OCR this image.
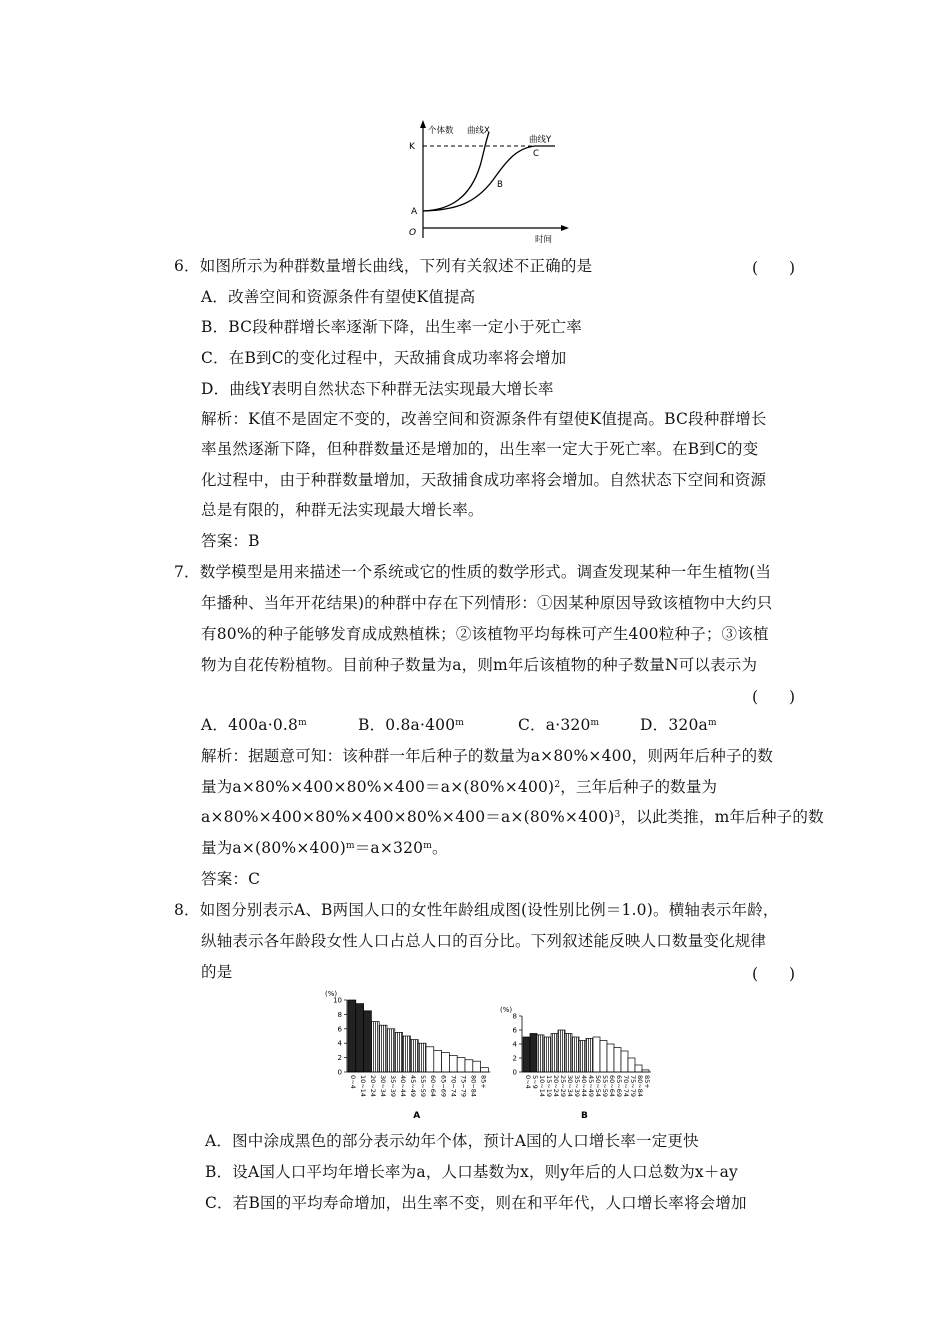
个体数 曲线X
曲线Y
C
B
K
A
O
时间
6．如图所示为种群数量增长曲线，下列有关叙述不正确的是	(　　)
A．改善空间和资源条件有望使K值提高
B．BC段种群增长率逐渐下降，出生率一定小于死亡率
C．在B到C的变化过程中，天敌捕食成功率将会增加
D．曲线Y表明自然状态下种群无法实现最大增长率
解析：K值不是固定不变的，改善空间和资源条件有望使K值提高。BC段种群增长
率虽然逐渐下降，但种群数量还是增加的，出生率一定大于死亡率。在B到C的变
化过程中，由于种群数量增加，天敌捕食成功率将会增加。自然状态下空间和资源
总是有限的，种群无法实现最大增长率。
答案：B
7．数学模型是用来描述一个系统或它的性质的数学形式。调查发现某种一年生植物(当
年播种、当年开花结果)的种群中存在下列情形：①因某种原因导致该植物中大约只
有80%的种子能够发育成成熟植株；②该植物平均每株可产生400粒种子；③该植
物为自花传粉植物。目前种子数量为a，则m年后该植物的种子数量N可以表示为
(　　)
A．$400a\cdot 0.8^m$	B．$0.8a\cdot 400^m$	C．$a\cdot 320^m$	D．$320a^m$
解析：据题意可知：该种群一年后种子的数量为a×80%×400，则两年后种子的数
量为$a\times 80\%\times 400\times 80\%\times 400=a\times(80\%\times 400)^2$，三年后种子的数量为
$a\times 80\%\times 400\times 80\%\times 400\times 80\%\times 400=a\times(80\%\times 400)^3$，以此类推，m年后种子的数
量为$a\times(80\%\times 400)^m=a\times 320^m$。
答案：C
8．如图分别表示A、B两国人口的女性年龄组成图(设性别比例＝1.0)。横轴表示年龄，
纵轴表示各年龄段女性人口占总人口的百分比。下列叙述能反映人口数量变化规律
的是	(　　)
(%)
0
2
4
6
8
10
0~4 10~14 20~24 30~34 35~39 40~44 45~49 55~59 60~64 65~69 70~74 75~79 80~84 85+
A
(%)
0
2
4
6
8
0~4 5~9 10~14 15~19 20~24 25~29 30~34 35~39 40~44 45~49 50~54 55~59 60~64 65~69 70~74 75~79 80~84 85+
B
A．图中涂成黑色的部分表示幼年个体，预计A国的人口增长率一定更快
B．设A国人口平均年增长率为a，人口基数为x，则y年后的人口总数为x＋ay
C．若B国的平均寿命增加，出生率不变，则在和平年代，人口增长率将会增加
